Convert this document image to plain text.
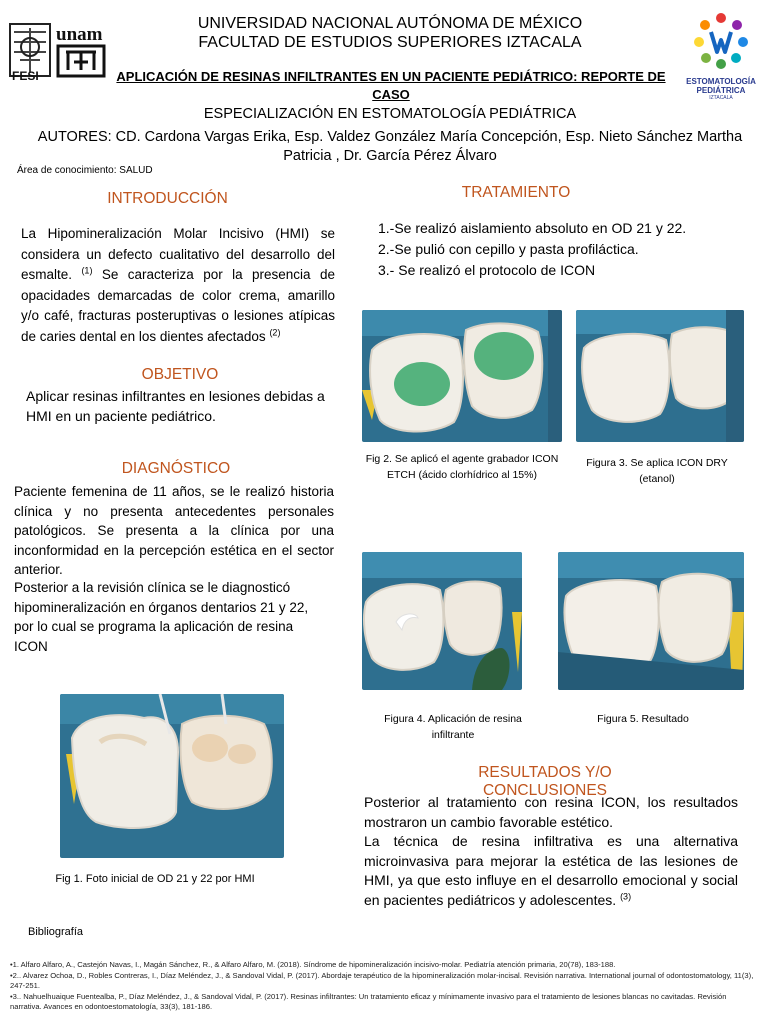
unam
FESI
UNIVERSIDAD NACIONAL AUTÓNOMA DE MÉXICO
FACULTAD DE ESTUDIOS SUPERIORES IZTACALA
ESTOMATOLOGÍA
PEDIÁTRICA
IZTACALA
APLICACIÓN DE RESINAS INFILTRANTES EN UN PACIENTE PEDIÁTRICO: REPORTE DE CASO
ESPECIALIZACIÓN EN ESTOMATOLOGÍA PEDIÁTRICA
AUTORES: CD. Cardona Vargas Erika, Esp. Valdez González María Concepción, Esp. Nieto Sánchez Martha Patricia , Dr. García Pérez Álvaro
Área de conocimiento: SALUD
INTRODUCCIÓN
La Hipomineralización Molar Incisivo (HMI) se considera un defecto cualitativo del desarrollo del esmalte. $^{(1)}$ Se caracteriza por la presencia de opacidades demarcadas de color crema, amarillo y/o café, fracturas posteruptivas o lesiones atípicas de caries dental en los dientes afectados $^{(2)}$
OBJETIVO
Aplicar resinas infiltrantes en lesiones debidas a HMI en un paciente pediátrico.
DIAGNÓSTICO
Paciente femenina de 11 años, se le realizó historia clínica y no presenta antecedentes personales patológicos. Se presenta a la clínica por una inconformidad en la percepción estética en el sector anterior.
Posterior a la revisión clínica se le diagnosticó hipomineralización en órganos dentarios 21 y 22, por lo cual se programa la aplicación de resina ICON
Fig 1. Foto inicial de OD 21 y 22 por HMI
TRATAMIENTO
1.-Se realizó aislamiento absoluto en OD 21 y 22.
2.-Se pulió con cepillo y pasta profiláctica.
3.- Se realizó el protocolo de ICON
Fig 2. Se aplicó el agente grabador ICON ETCH (ácido clorhídrico al 15%)
Figura 3. Se aplica ICON DRY (etanol)
Figura 4. Aplicación de resina infiltrante
Figura 5. Resultado
RESULTADOS Y/O CONCLUSIONES
Posterior al tratamiento con resina ICON, los resultados mostraron un cambio favorable estético.
La técnica de resina infiltrativa es una alternativa microinvasiva para mejorar la estética de las lesiones de HMI, ya que esto influye en el desarrollo emocional y social en pacientes pediátricos y adolescentes. $^{(3)}$
Bibliografía
•1. Alfaro Alfaro, A., Castejón Navas, I., Magán Sánchez, R., & Alfaro Alfaro, M. (2018). Síndrome de hipomineralización incisivo-molar. Pediatría atención primaria, 20(78), 183-188.
•2.. Alvarez Ochoa, D., Robles Contreras, I., Díaz Meléndez, J., & Sandoval Vidal, P. (2017). Abordaje terapéutico de la hipomineralización molar-incisal. Revisión narrativa. International journal of odontostomatology, 11(3), 247-251.
•3.. Nahuelhuaique Fuentealba, P., Díaz Meléndez, J., & Sandoval Vidal, P. (2017). Resinas infiltrantes: Un tratamiento eficaz y mínimamente invasivo para el tratamiento de lesiones blancas no cavitadas. Revisión narrativa. Avances en odontoestomatología, 33(3), 181-186.
